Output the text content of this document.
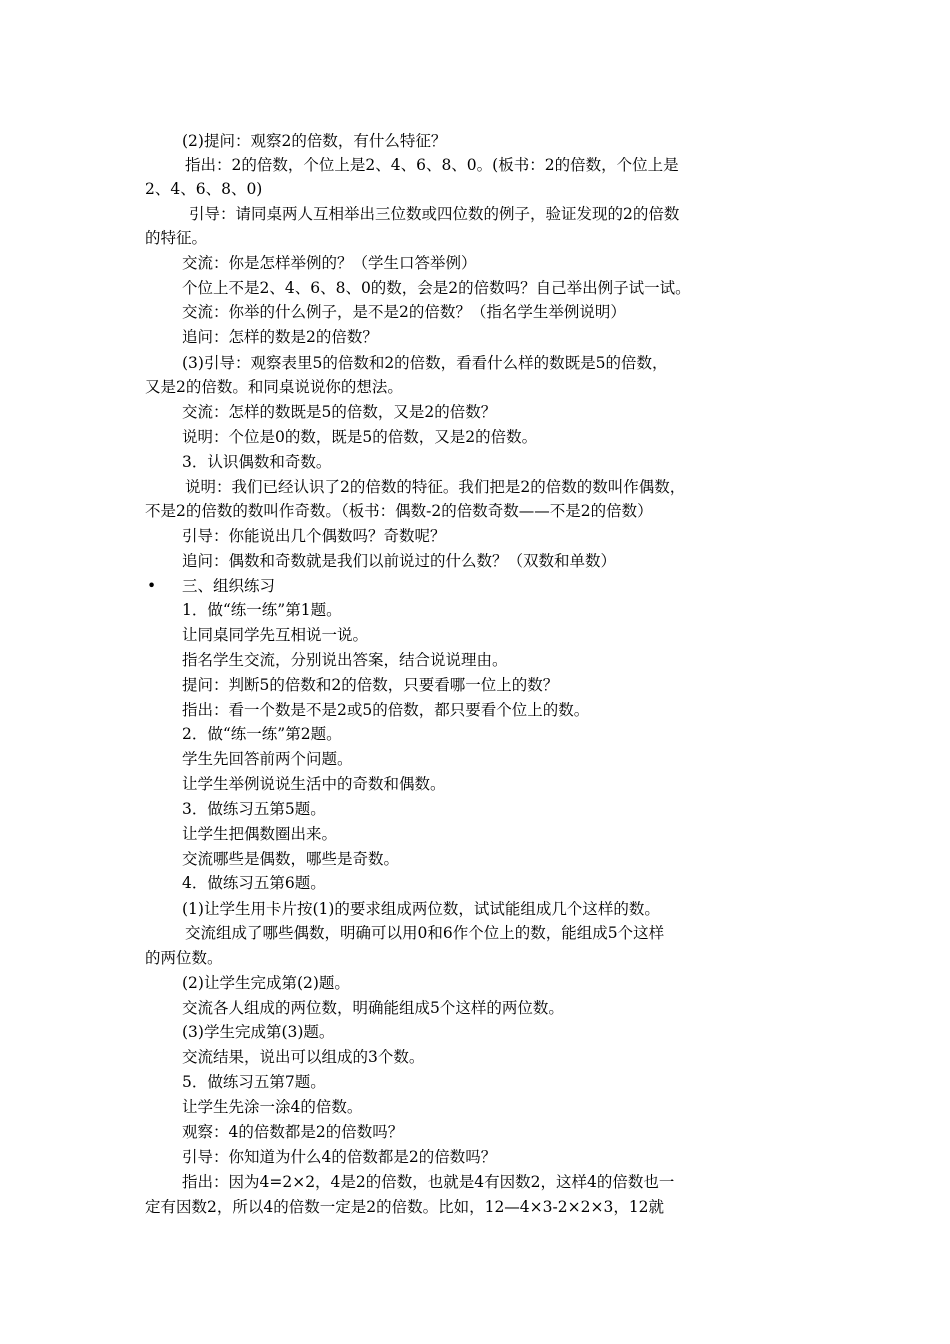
(2)提问：观察2的倍数，有什么特征？
指出：2的倍数，个位上是2、4、6、8、0。(板书：2的倍数，个位上是
2、4、6、8、0)
引导：请同桌两人互相举出三位数或四位数的例子，验证发现的2的倍数
的特征。
交流：你是怎样举例的？（学生口答举例）
个位上不是2、4、6、8、0的数，会是2的倍数吗？自己举出例子试一试。
交流：你举的什么例子，是不是2的倍数？（指名学生举例说明）
追问：怎样的数是2的倍数？
(3)引导：观察表里5的倍数和2的倍数，看看什么样的数既是5的倍数，
又是2的倍数。和同桌说说你的想法。
交流：怎样的数既是5的倍数，又是2的倍数？
说明：个位是0的数，既是5的倍数，又是2的倍数。
3．认识偶数和奇数。
说明：我们已经认识了2的倍数的特征。我们把是2的倍数的数叫作偶数，
不是2的倍数的数叫作奇数。（板书：偶数-2的倍数奇数——不是2的倍数）
引导：你能说出几个偶数吗？奇数呢？
追问：偶数和奇数就是我们以前说过的什么数？（双数和单数）
•	三、组织练习
1．做“练一练”第1题。
让同桌同学先互相说一说。
指名学生交流，分别说出答案，结合说说理由。
提问：判断5的倍数和2的倍数，只要看哪一位上的数？
指出：看一个数是不是2或5的倍数，都只要看个位上的数。
2．做“练一练”第2题。
学生先回答前两个问题。
让学生举例说说生活中的奇数和偶数。
3．做练习五第5题。
让学生把偶数圈出来。
交流哪些是偶数，哪些是奇数。
4．做练习五第6题。
(1)让学生用卡片按(1)的要求组成两位数，试试能组成几个这样的数。
交流组成了哪些偶数，明确可以用0和6作个位上的数，能组成5个这样
的两位数。
(2)让学生完成第(2)题。
交流各人组成的两位数，明确能组成5个这样的两位数。
(3)学生完成第(3)题。
交流结果，说出可以组成的3个数。
5．做练习五第7题。
让学生先涂一涂4的倍数。
观察：4的倍数都是2的倍数吗？
引导：你知道为什么4的倍数都是2的倍数吗？
指出：因为4=2×2，4是2的倍数，也就是4有因数2，这样4的倍数也一
定有因数2，所以4的倍数一定是2的倍数。比如，12—4×3-2×2×3，12就
